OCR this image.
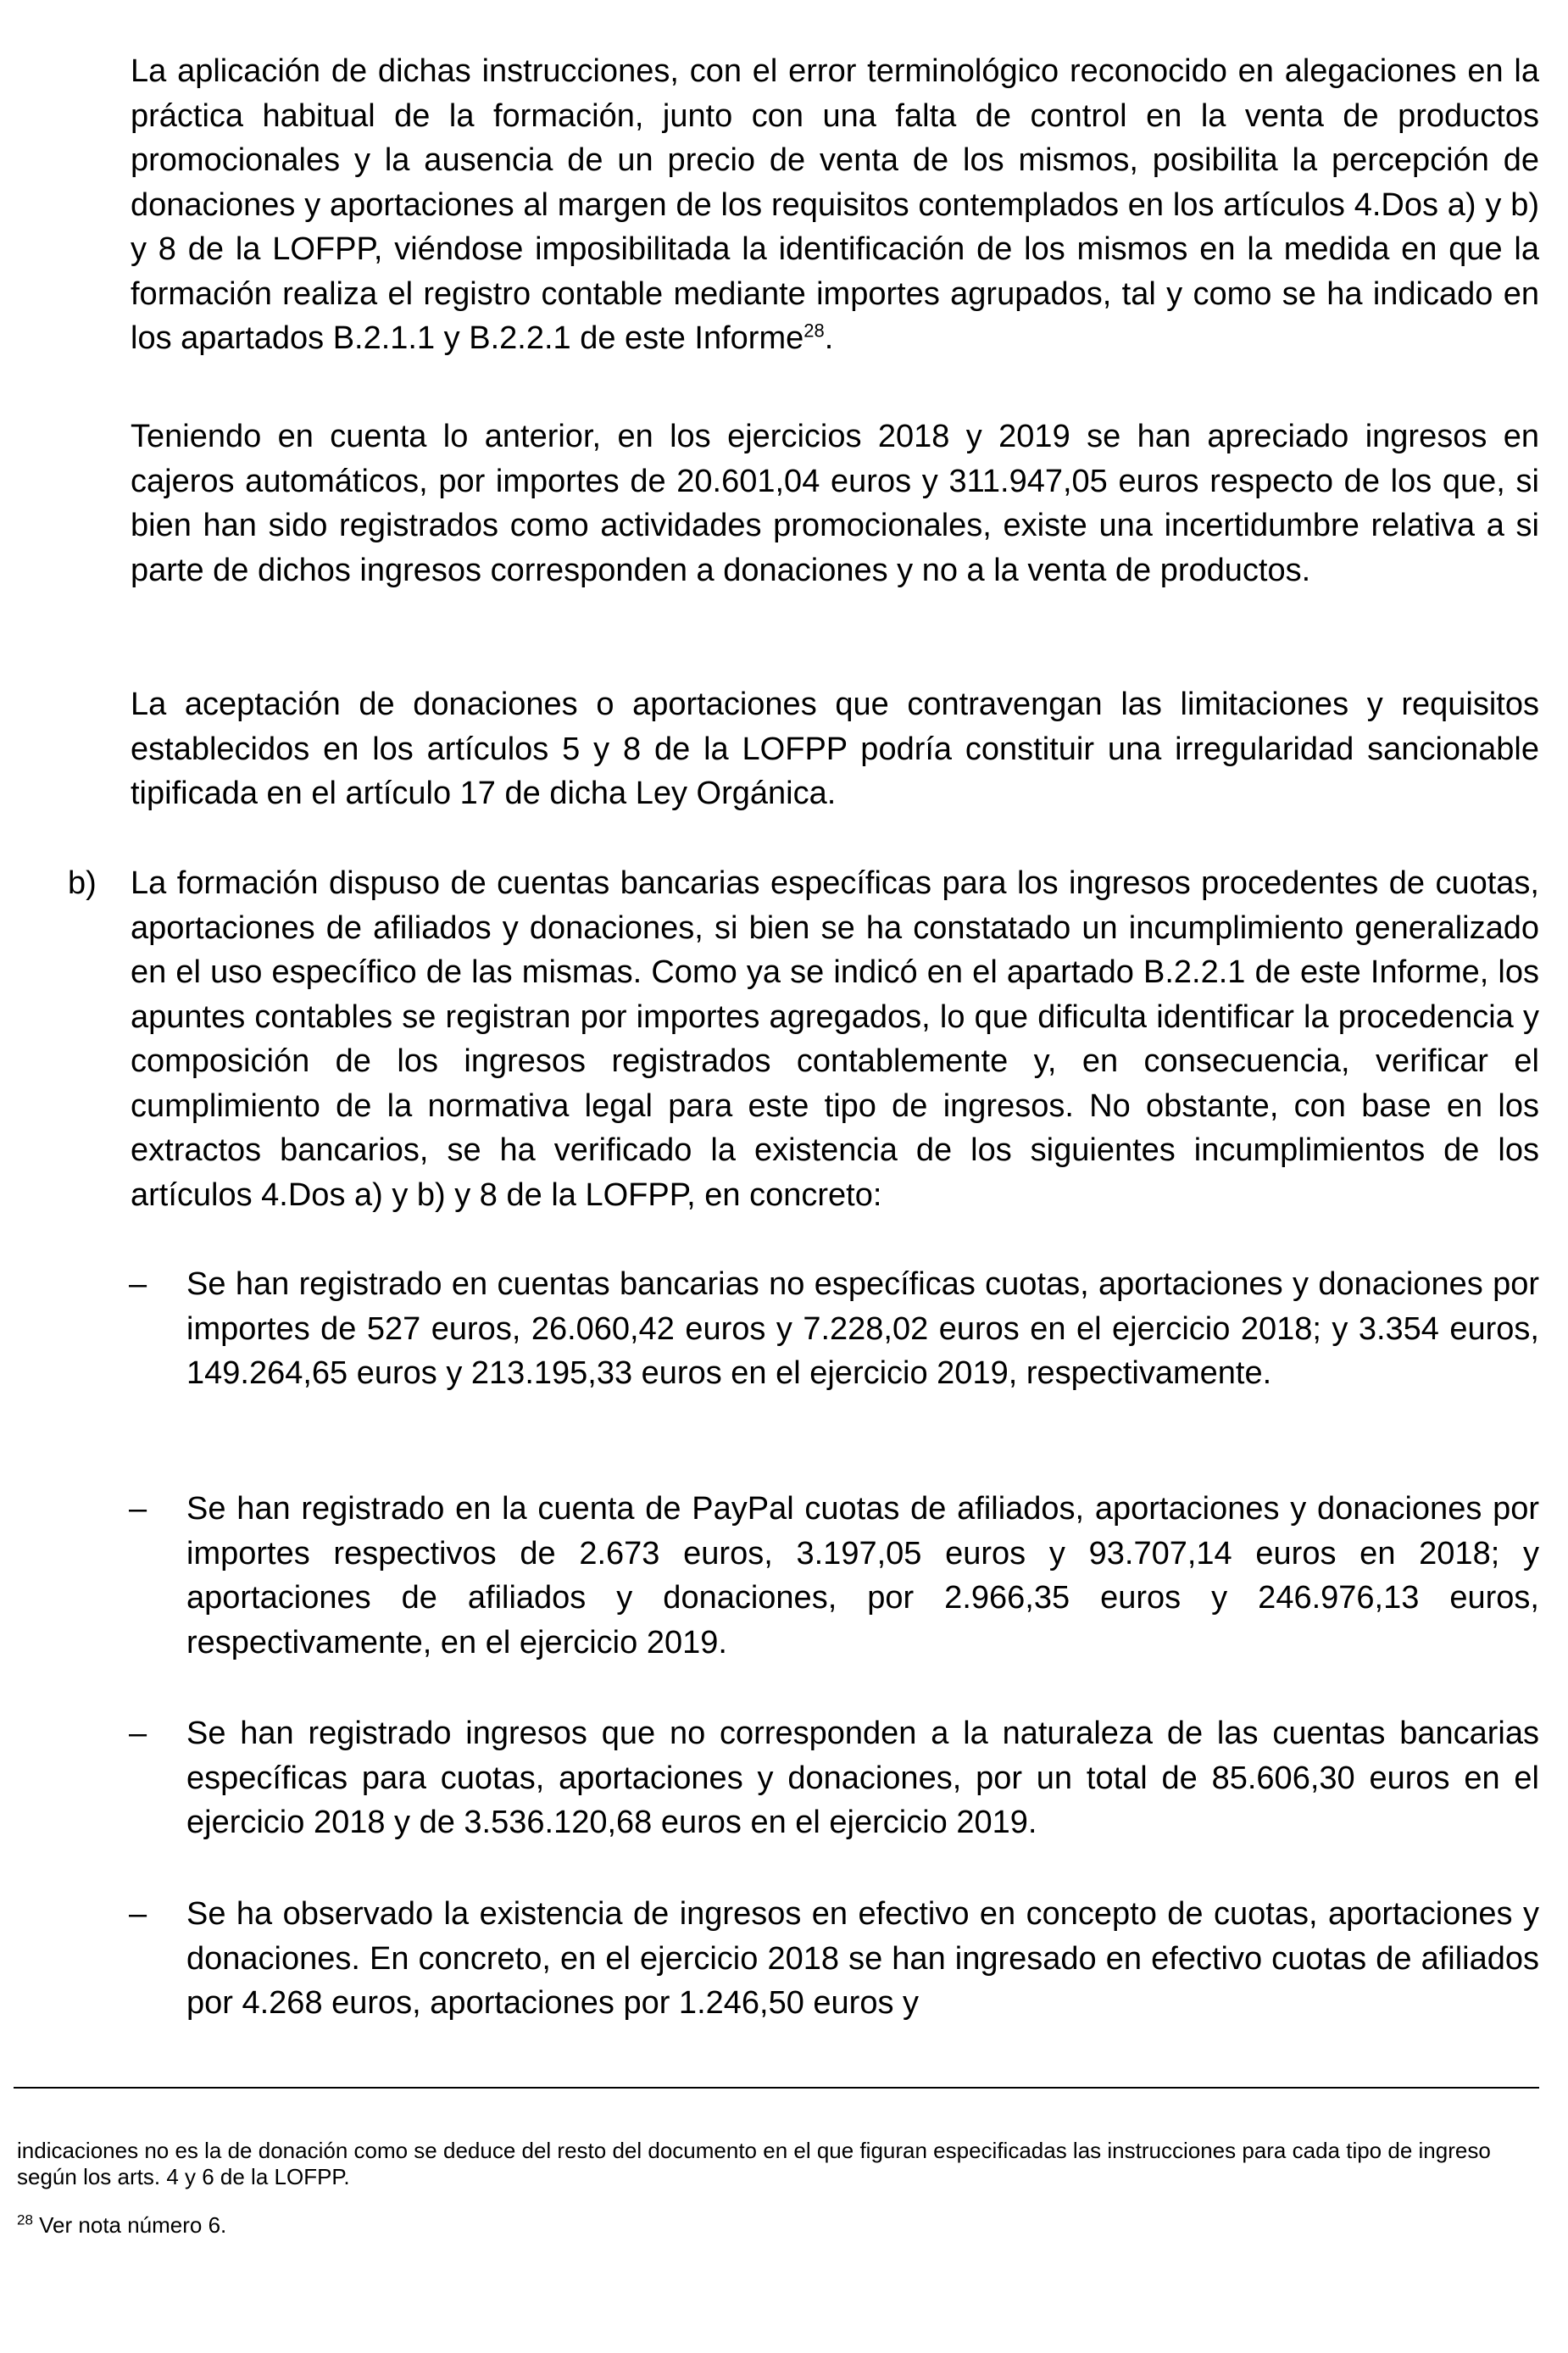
La aplicación de dichas instrucciones, con el error terminológico reconocido en alegaciones en la práctica habitual de la formación, junto con una falta de control en la venta de productos promocionales y la ausencia de un precio de venta de los mismos, posibilita la percepción de donaciones y aportaciones al margen de los requisitos contemplados en los artículos 4.Dos a) y b) y 8 de la LOFPP, viéndose imposibilitada la identificación de los mismos en la medida en que la formación realiza el registro contable mediante importes agrupados, tal y como se ha indicado en los apartados B.2.1.1 y B.2.2.1 de este Informe$^{28}$.

Teniendo en cuenta lo anterior, en los ejercicios 2018 y 2019 se han apreciado ingresos en cajeros automáticos, por importes de 20.601,04 euros y 311.947,05 euros respecto de los que, si bien han sido registrados como actividades promocionales, existe una incertidumbre relativa a si parte de dichos ingresos corresponden a donaciones y no a la venta de productos.

La aceptación de donaciones o aportaciones que contravengan las limitaciones y requisitos establecidos en los artículos 5 y 8 de la LOFPP podría constituir una irregularidad sancionable tipificada en el artículo 17 de dicha Ley Orgánica.

b) La formación dispuso de cuentas bancarias específicas para los ingresos procedentes de cuotas, aportaciones de afiliados y donaciones, si bien se ha constatado un incumplimiento generalizado en el uso específico de las mismas. Como ya se indicó en el apartado B.2.2.1 de este Informe, los apuntes contables se registran por importes agregados, lo que dificulta identificar la procedencia y composición de los ingresos registrados contablemente y, en consecuencia, verificar el cumplimiento de la normativa legal para este tipo de ingresos. No obstante, con base en los extractos bancarios, se ha verificado la existencia de los siguientes incumplimientos de los artículos 4.Dos a) y b) y 8 de la LOFPP, en concreto:

– Se han registrado en cuentas bancarias no específicas cuotas, aportaciones y donaciones por importes de 527 euros, 26.060,42 euros y 7.228,02 euros en el ejercicio 2018; y 3.354 euros, 149.264,65 euros y 213.195,33 euros en el ejercicio 2019, respectivamente.

– Se han registrado en la cuenta de PayPal cuotas de afiliados, aportaciones y donaciones por importes respectivos de 2.673 euros, 3.197,05 euros y 93.707,14 euros en 2018; y aportaciones de afiliados y donaciones, por 2.966,35 euros y 246.976,13 euros, respectivamente, en el ejercicio 2019.

– Se han registrado ingresos que no corresponden a la naturaleza de las cuentas bancarias específicas para cuotas, aportaciones y donaciones, por un total de 85.606,30 euros en el ejercicio 2018 y de 3.536.120,68 euros en el ejercicio 2019.

– Se ha observado la existencia de ingresos en efectivo en concepto de cuotas, aportaciones y donaciones. En concreto, en el ejercicio 2018 se han ingresado en efectivo cuotas de afiliados por 4.268 euros, aportaciones por 1.246,50 euros y

indicaciones no es la de donación como se deduce del resto del documento en el que figuran especificadas las instrucciones para cada tipo de ingreso según los arts. 4 y 6 de la LOFPP.

$^{28}$ Ver nota número 6.
